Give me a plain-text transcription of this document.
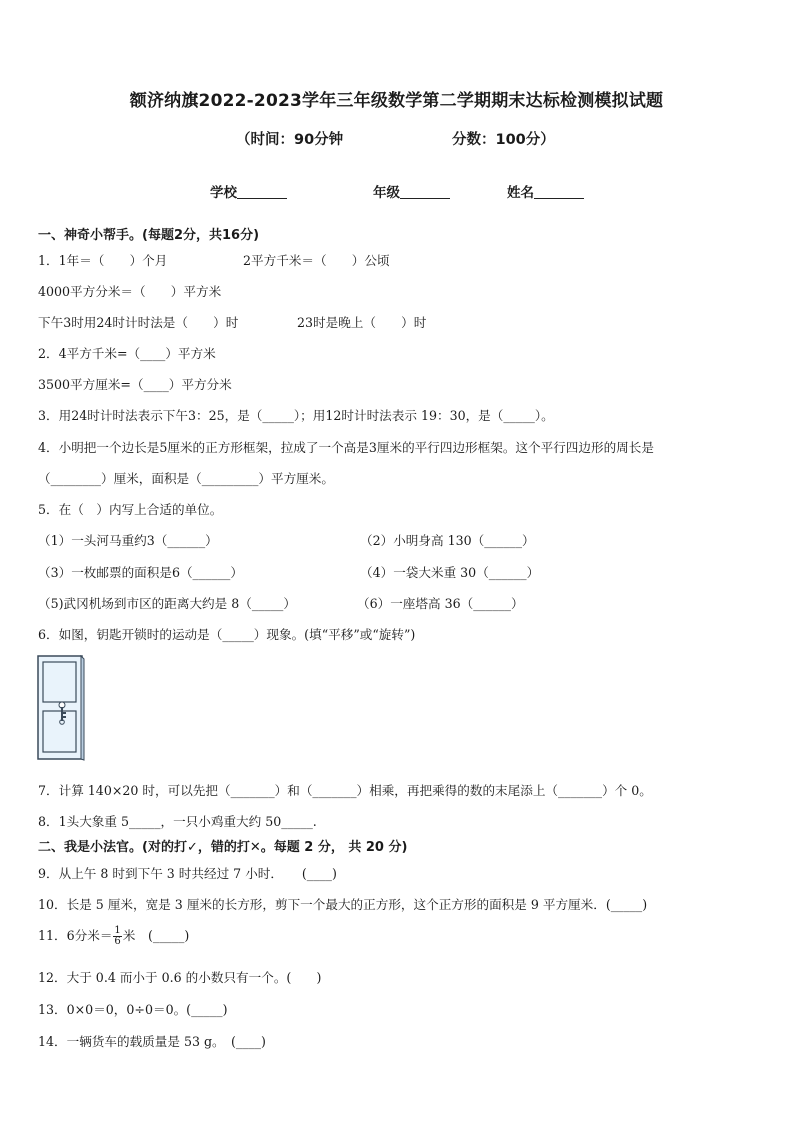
额济纳旗2022-2023学年三年级数学第二学期期末达标检测模拟试题
（时间：90分钟	分数：100分）
学校	年级	姓名
一、神奇小帮手。(每题2分，共16分)
1．1年＝（　　）个月	2平方千米＝（　　）公顷
4000平方分米＝（　　）平方米
下午3时用24时计时法是（　　）时	23时是晚上（　　）时
2．4平方千米=（____）平方米
3500平方厘米=（____）平方分米
3．用24时计时法表示下午3：25，是（_____）；用12时计时法表示 19：30，是（_____）。
4．小明把一个边长是5厘米的正方形框架，拉成了一个高是3厘米的平行四边形框架。这个平行四边形的周长是
（________）厘米，面积是（_________）平方厘米。
5．在（　）内写上合适的单位。
（1）一头河马重约3（______）	（2）小明身高 130（______）
（3）一枚邮票的面积是6（______）	（4）一袋大米重 30（______）
（5)武冈机场到市区的距离大约是 8（_____）	（6）一座塔高 36（______）
6．如图，钥匙开锁时的运动是（_____）现象。(填“平移”或“旋转”)
7．计算 140×20 时，可以先把（_______）和（_______）相乘，再把乘得的数的末尾添上（_______）个 0。
8．1头大象重 5_____，一只小鸡重大约 50_____.
二、我是小法官。(对的打✓，错的打✕。每题 2 分， 共 20 分)
9．从上午 8 时到下午 3 时共经过 7 小时．　　(____)
10．长是 5 厘米，宽是 3 厘米的长方形，剪下一个最大的正方形，这个正方形的面积是 9 平方厘米．(_____)
11．6分米＝ $\frac{1}{6}$ 米　(_____)
12．大于 0.4 而小于 0.6 的小数只有一个。(　　)
13．0×0＝0，0÷0＝0。(_____)
14．一辆货车的载质量是 53 g。　(____)
